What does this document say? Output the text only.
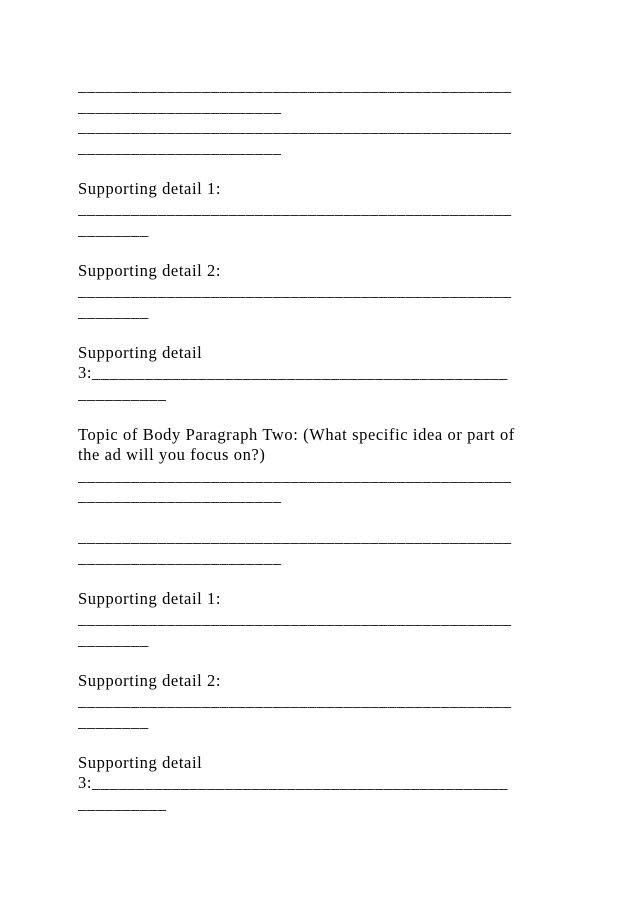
_________________________________________________
_______________________
_________________________________________________
_______________________
Supporting detail 1:
_________________________________________________
________
Supporting detail 2:
_________________________________________________
________
Supporting detail
3:_______________________________________________
__________
Topic of Body Paragraph Two: (What specific idea or part of
the ad will you focus on?)
_________________________________________________
_______________________
_________________________________________________
_______________________
Supporting detail 1:
_________________________________________________
________
Supporting detail 2:
_________________________________________________
________
Supporting detail
3:_______________________________________________
__________
